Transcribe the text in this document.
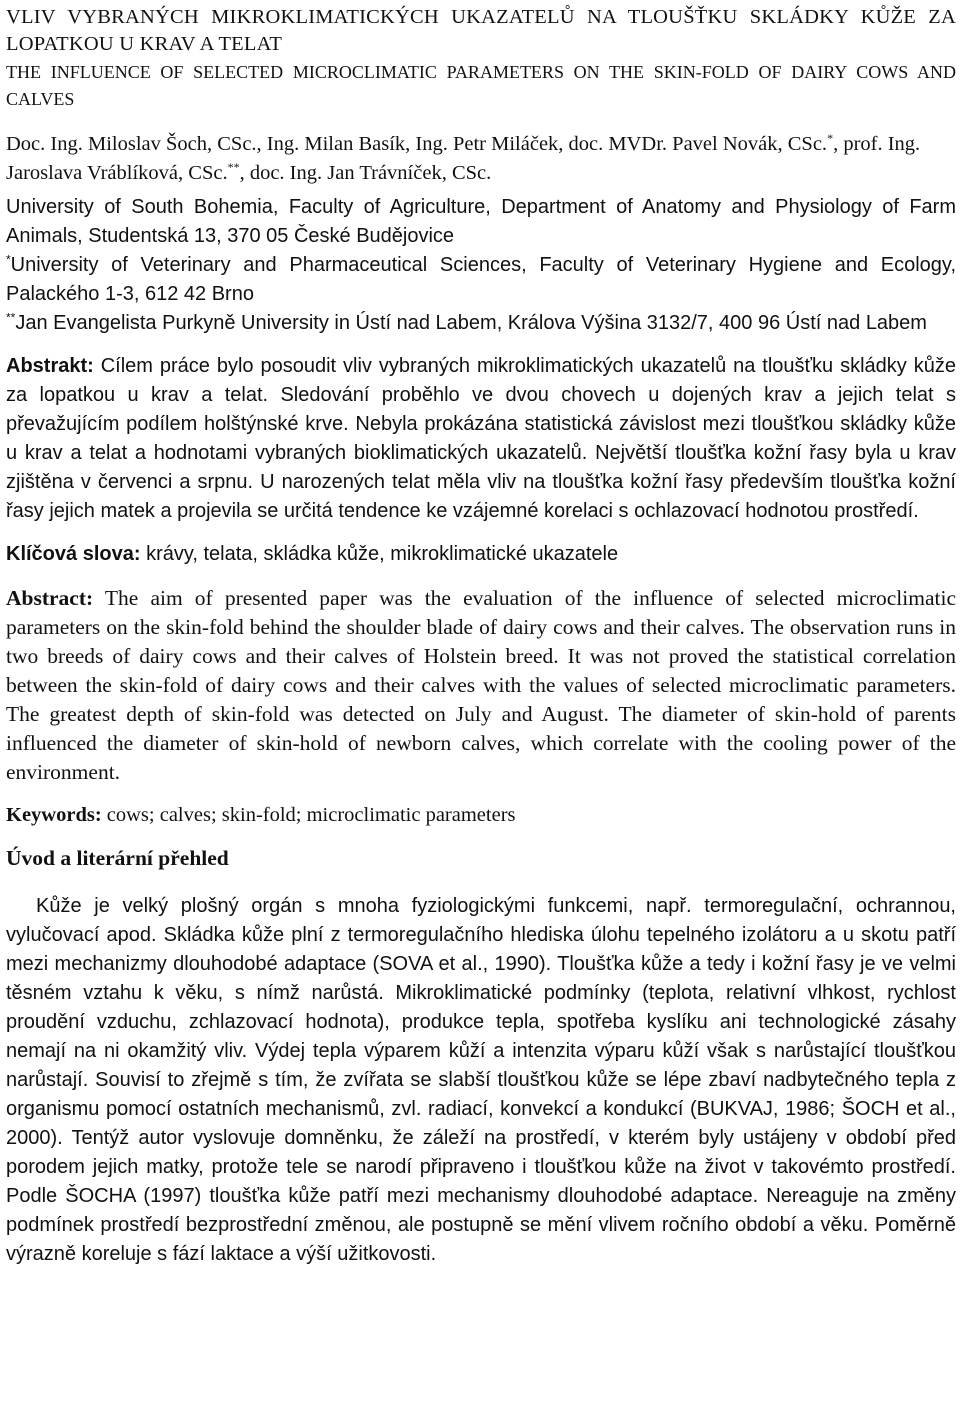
VLIV VYBRANÝCH MIKROKLIMATICKÝCH UKAZATELŮ NA TLOUŠŤKU SKLÁDKY KŮŽE ZA LOPATKOU U KRAV A TELAT

THE INFLUENCE OF SELECTED MICROCLIMATIC PARAMETERS ON THE SKIN-FOLD OF DAIRY COWS AND CALVES

Doc. Ing. Miloslav Šoch, CSc., Ing. Milan Basík, Ing. Petr Miláček, doc. MVDr. Pavel Novák, CSc.*, prof. Ing. Jaroslava Vráblíková, CSc.**, doc. Ing. Jan Trávníček, CSc.

University of South Bohemia, Faculty of Agriculture, Department of Anatomy and Physiology of Farm Animals, Studentská 13, 370 05 České Budějovice

*University of Veterinary and Pharmaceutical Sciences, Faculty of Veterinary Hygiene and Ecology, Palackého 1-3, 612 42 Brno

**Jan Evangelista Purkyně University in Ústí nad Labem, Králova Výšina 3132/7, 400 96 Ústí nad Labem

Abstrakt: Cílem práce bylo posoudit vliv vybraných mikroklimatických ukazatelů na tloušťku skládky kůže za lopatkou u krav a telat. Sledování proběhlo ve dvou chovech u dojených krav a jejich telat s převažujícím podílem holštýnské krve. Nebyla prokázána statistická závislost mezi tloušťkou skládky kůže u krav a telat a hodnotami vybraných bioklimatických ukazatelů. Největší tloušťka kožní řasy byla u krav zjištěna v červenci a srpnu. U narozených telat měla vliv na tloušťka kožní řasy především tloušťka kožní řasy jejich matek a projevila se určitá tendence ke vzájemné korelaci s ochlazovací hodnotou prostředí.

Klíčová slova: krávy, telata, skládka kůže, mikroklimatické ukazatele

Abstract: The aim of presented paper was the evaluation of the influence of selected microclimatic parameters on the skin-fold behind the shoulder blade of dairy cows and their calves. The observation runs in two breeds of dairy cows and their calves of Holstein breed. It was not proved the statistical correlation between the skin-fold of dairy cows and their calves with the values of selected microclimatic parameters. The greatest depth of skin-fold was detected on July and August. The diameter of skin-hold of parents influenced the diameter of skin-hold of newborn calves, which correlate with the cooling power of the environment.

Keywords: cows; calves; skin-fold; microclimatic parameters

Úvod a literární přehled

Kůže je velký plošný orgán s mnoha fyziologickými funkcemi, např. termoregulační, ochrannou, vylučovací apod. Skládka kůže plní z termoregulačního hlediska úlohu tepelného izolátoru a u skotu patří mezi mechanizmy dlouhodobé adaptace (SOVA et al., 1990). Tloušťka kůže a tedy i kožní řasy je ve velmi těsném vztahu k věku, s nímž narůstá. Mikroklimatické podmínky (teplota, relativní vlhkost, rychlost proudění vzduchu, zchlazovací hodnota), produkce tepla, spotřeba kyslíku ani technologické zásahy nemají na ni okamžitý vliv. Výdej tepla výparem kůží a intenzita výparu kůží však s narůstající tloušťkou narůstají. Souvisí to zřejmě s tím, že zvířata se slabší tloušťkou kůže se lépe zbaví nadbytečného tepla z organismu pomocí ostatních mechanismů, zvl. radiací, konvekcí a kondukcí (BUKVAJ, 1986; ŠOCH et al., 2000). Tentýž autor vyslovuje domněnku, že záleží na prostředí, v kterém byly ustájeny v období před porodem jejich matky, protože tele se narodí připraveno i tloušťkou kůže na život v takovémto prostředí. Podle ŠOCHA (1997) tloušťka kůže patří mezi mechanismy dlouhodobé adaptace. Nereaguje na změny podmínek prostředí bezprostřední změnou, ale postupně se mění vlivem ročního období a věku. Poměrně výrazně koreluje s fází laktace a výší užitkovosti.
